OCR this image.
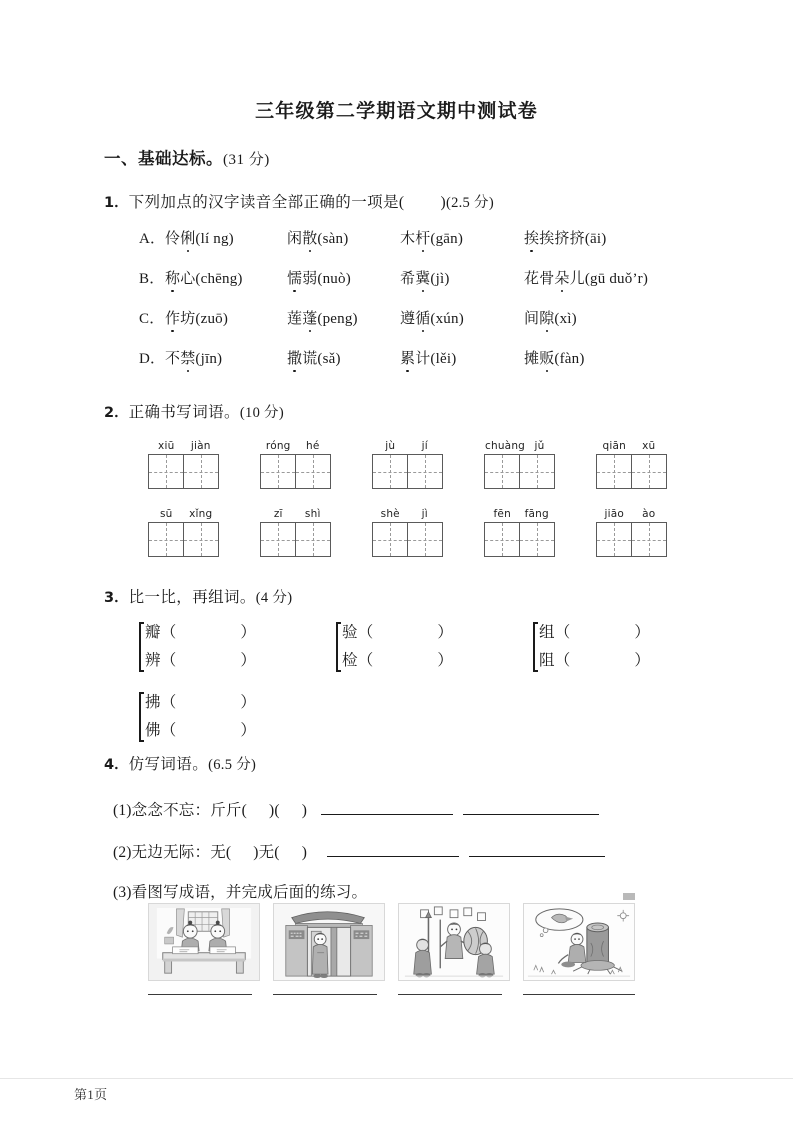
三年级第二学期语文期中测试卷
一、基础达标。(31 分)
1．下列加点的汉字读音全部正确的一项是( )(2.5 分)
A．伶俐(lí ng)	闲散(sàn)	木杆(gān)	挨挨挤挤(āi)
B．称心(chēng)	懦弱(nuò)	希冀(jì)	花骨朵儿(gū duǒ’r)
C．作坊(zuō)	莲蓬(peng)	遵循(xún)	间隙(xì)
D．不禁(jīn)	撒谎(sǎ)	累计(lěi)	摊贩(fàn)
2．正确书写词语。(10 分)
xiū	jiàn	róng	hé	jù	jí	chuàng jǔ	qiān	xū
sū	xǐng	zī	shì	shè	jì	fēn	fāng	jiāo	ào
3．比一比，再组词。(4 分)
瓣（	）
辨（	）
验（	）
检（	）
组（	）
阻（	）
拂（	）
佛（	）
4．仿写词语。(6.5 分)
(1)念念不忘：斤斤( )( )
(2)无边无际：无( )无( )
(3)看图写成语，并完成后面的练习。
第1页
